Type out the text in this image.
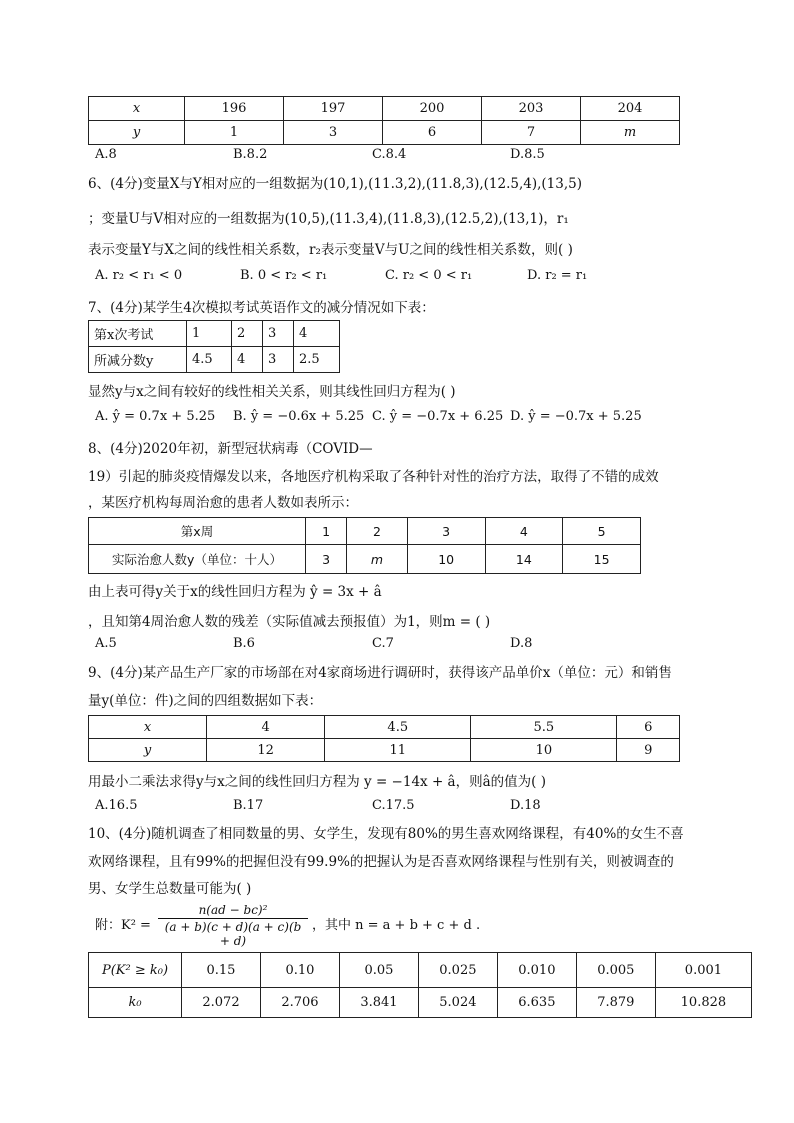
x	196	197	200	203	204
y	1	3	6	7	m
A.8	B.8.2	C.8.4	D.8.5
6、(4分)变量X与Y相对应的一组数据为(10,1),(11.3,2),(11.8,3),(12.5,4),(13,5)
；变量U与V相对应的一组数据为(10,5),(11.3,4),(11.8,3),(12.5,2),(13,1)，r₁
表示变量Y与X之间的线性相关系数，r₂表示变量V与U之间的线性相关系数，则( )
A. r₂ < r₁ < 0	B. 0 < r₂ < r₁	C. r₂ < 0 < r₁	D. r₂ = r₁
7、(4分)某学生4次模拟考试英语作文的减分情况如下表：
第x次考试	1	2	3	4
所减分数y	4.5	4	3	2.5
显然y与x之间有较好的线性相关关系，则其线性回归方程为( )
A. ŷ = 0.7x + 5.25 B. ŷ = −0.6x + 5.25 C. ŷ = −0.7x + 6.25 D. ŷ = −0.7x + 5.25
8、(4分)2020年初，新型冠状病毒（COVID—
19）引起的肺炎疫情爆发以来，各地医疗机构采取了各种针对性的治疗方法，取得了不错的成效
，某医疗机构每周治愈的患者人数如表所示：
第x周	1	2	3	4	5
实际治愈人数y（单位：十人）	3	m	10	14	15
由上表可得y关于x的线性回归方程为 ŷ = 3x + â
，且知第4周治愈人数的残差（实际值减去预报值）为1，则m = ( )
A.5	B.6	C.7	D.8
9、(4分)某产品生产厂家的市场部在对4家商场进行调研时，获得该产品单价x（单位：元）和销售
量y(单位：件)之间的四组数据如下表：
x	4	4.5	5.5	6
y	12	11	10	9
用最小二乘法求得y与x之间的线性回归方程为 y = −14x + â，则â的值为( )
A.16.5	B.17	C.17.5	D.18
10、(4分)随机调查了相同数量的男、女学生，发现有80%的男生喜欢网络课程，有40%的女生不喜
欢网络课程，且有99%的把握但没有99.9%的把握认为是否喜欢网络课程与性别有关，则被调查的
男、女学生总数量可能为( )
附：K² =
n(ad − bc)²
(a + b)(c + d)(a + c)(b + d)
，其中 n = a + b + c + d .
P(K² ≥ k₀)	0.15	0.10	0.05	0.025	0.010	0.005	0.001
k₀	2.072	2.706	3.841	5.024	6.635	7.879	10.828
